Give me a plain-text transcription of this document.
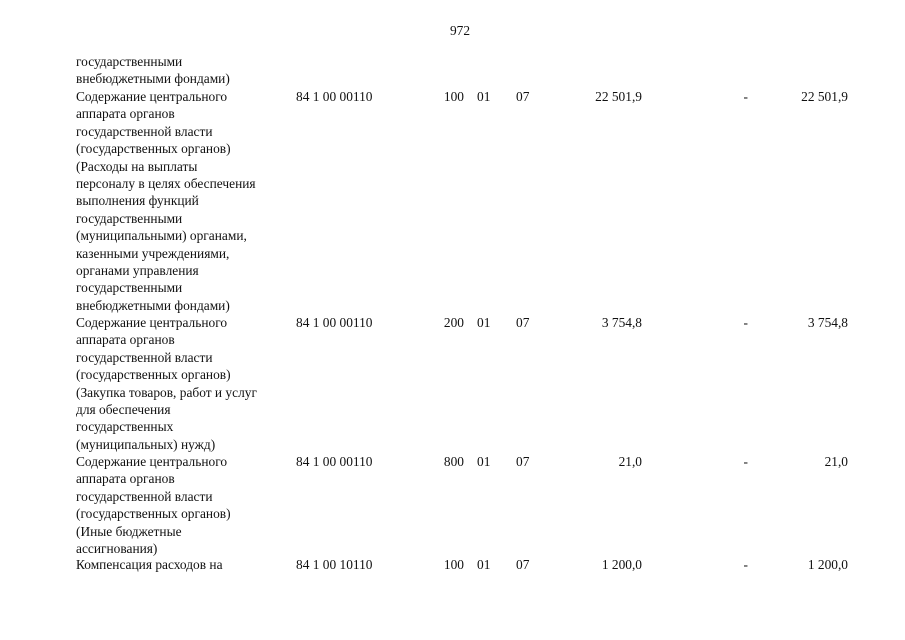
972
государственными
внебюджетными фондами)
Содержание центрального
аппарата органов
государственной власти
(государственных органов)
(Расходы на выплаты
персоналу в целях обеспечения
выполнения функций
государственными
(муниципальными) органами,
казенными учреждениями,
органами управления
государственными
внебюджетными фондами)
84 1 00 00110	100 01 07	22 501,9	-	22 501,9
Содержание центрального
аппарата органов
государственной власти
(государственных органов)
(Закупка товаров, работ и услуг
для обеспечения
государственных
(муниципальных) нужд)
84 1 00 00110	200 01 07	3 754,8	-	3 754,8
Содержание центрального
аппарата органов
государственной власти
(государственных органов)
(Иные бюджетные
ассигнования)
84 1 00 00110	800 01 07	21,0	-	21,0
Компенсация расходов на	84 1 00 10110	100 01 07	1 200,0	-	1 200,0
